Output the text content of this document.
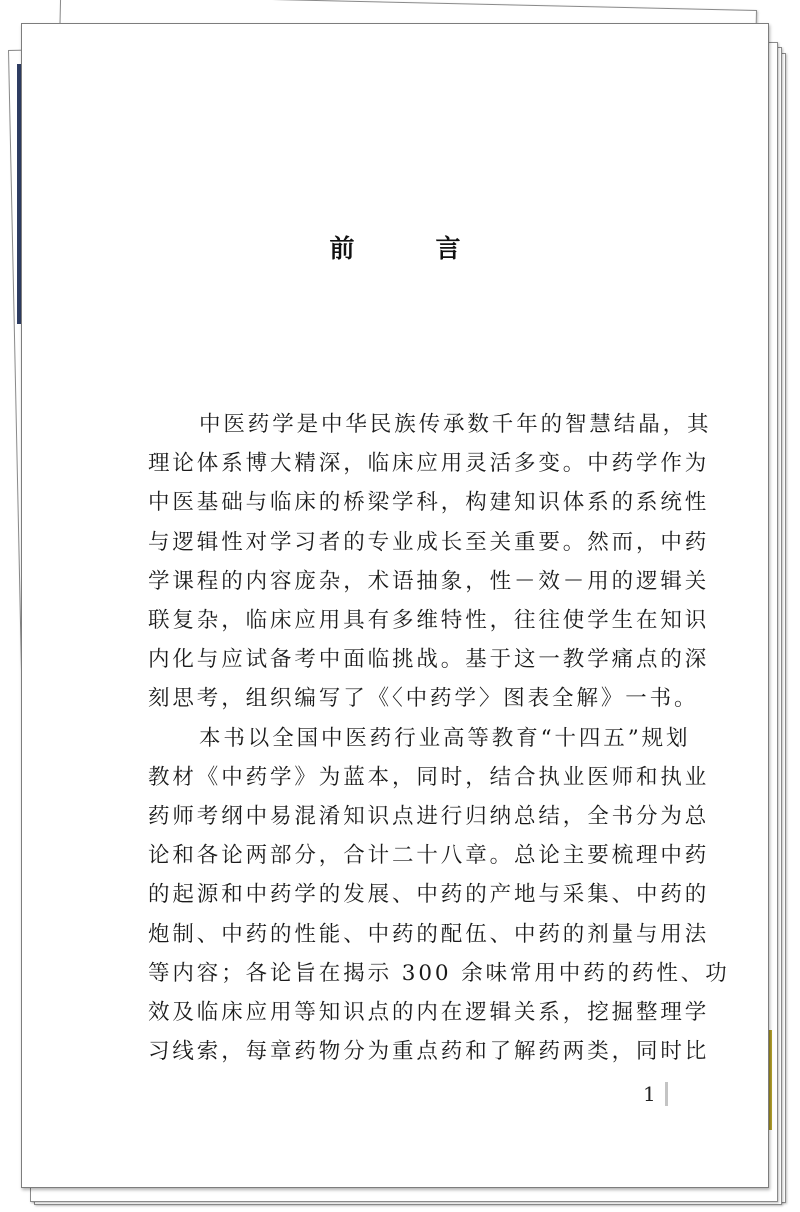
前　言
中医药学是中华民族传承数千年的智慧结晶，其
理论体系博大精深，临床应用灵活多变。中药学作为
中医基础与临床的桥梁学科，构建知识体系的系统性
与逻辑性对学习者的专业成长至关重要。然而，中药
学课程的内容庞杂，术语抽象，性－效－用的逻辑关
联复杂，临床应用具有多维特性，往往使学生在知识
内化与应试备考中面临挑战。基于这一教学痛点的深
刻思考，组织编写了《〈中药学〉图表全解》一书。
本书以全国中医药行业高等教育“十四五”规划
教材《中药学》为蓝本，同时，结合执业医师和执业
药师考纲中易混淆知识点进行归纳总结，全书分为总
论和各论两部分，合计二十八章。总论主要梳理中药
的起源和中药学的发展、中药的产地与采集、中药的
炮制、中药的性能、中药的配伍、中药的剂量与用法
等内容；各论旨在揭示 300 余味常用中药的药性、功
效及临床应用等知识点的内在逻辑关系，挖掘整理学
习线索，每章药物分为重点药和了解药两类，同时比
1
